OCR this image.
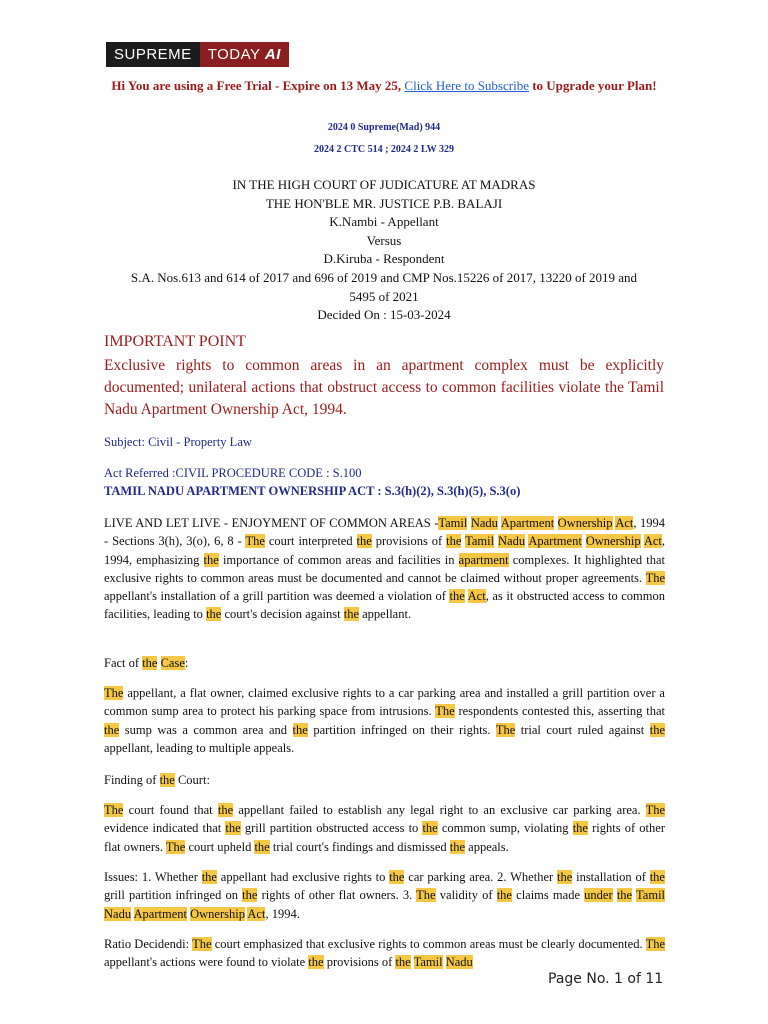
SUPREME	TODAY AI
Hi You are using a Free Trial - Expire on 13 May 25, Click Here to Subscribe to Upgrade your Plan!
2024 0 Supreme(Mad) 944
2024 2 CTC 514 ; 2024 2 LW 329
IN THE HIGH COURT OF JUDICATURE AT MADRAS
THE HON'BLE MR. JUSTICE P.B. BALAJI
K.Nambi - Appellant
Versus
D.Kiruba - Respondent
S.A. Nos.613 and 614 of 2017 and 696 of 2019 and CMP Nos.15226 of 2017, 13220 of 2019 and
5495 of 2021
Decided On : 15-03-2024
IMPORTANT POINT
Exclusive rights to common areas in an apartment complex must be explicitly documented; unilateral actions that obstruct access to common facilities violate the Tamil Nadu Apartment Ownership Act, 1994.
Subject: Civil - Property Law
Act Referred :CIVIL PROCEDURE CODE : S.100
TAMIL NADU APARTMENT OWNERSHIP ACT : S.3(h)(2), S.3(h)(5), S.3(o)
LIVE AND LET LIVE - ENJOYMENT OF COMMON AREAS -Tamil Nadu Apartment Ownership Act, 1994 - Sections 3(h), 3(o), 6, 8 - The court interpreted the provisions of the Tamil Nadu Apartment Ownership Act, 1994, emphasizing the importance of common areas and facilities in apartment complexes. It highlighted that exclusive rights to common areas must be documented and cannot be claimed without proper agreements. The appellant's installation of a grill partition was deemed a violation of the Act, as it obstructed access to common facilities, leading to the court's decision against the appellant.
Fact of the Case:
The appellant, a flat owner, claimed exclusive rights to a car parking area and installed a grill partition over a common sump area to protect his parking space from intrusions. The respondents contested this, asserting that the sump was a common area and the partition infringed on their rights. The trial court ruled against the appellant, leading to multiple appeals.
Finding of the Court:
The court found that the appellant failed to establish any legal right to an exclusive car parking area. The evidence indicated that the grill partition obstructed access to the common sump, violating the rights of other flat owners. The court upheld the trial court's findings and dismissed the appeals.
Issues: 1. Whether the appellant had exclusive rights to the car parking area. 2. Whether the installation of the grill partition infringed on the rights of other flat owners. 3. The validity of the claims made under the Tamil Nadu Apartment Ownership Act, 1994.
Ratio Decidendi: The court emphasized that exclusive rights to common areas must be clearly documented. The appellant's actions were found to violate the provisions of the Tamil Nadu
Page No. 1 of 11
